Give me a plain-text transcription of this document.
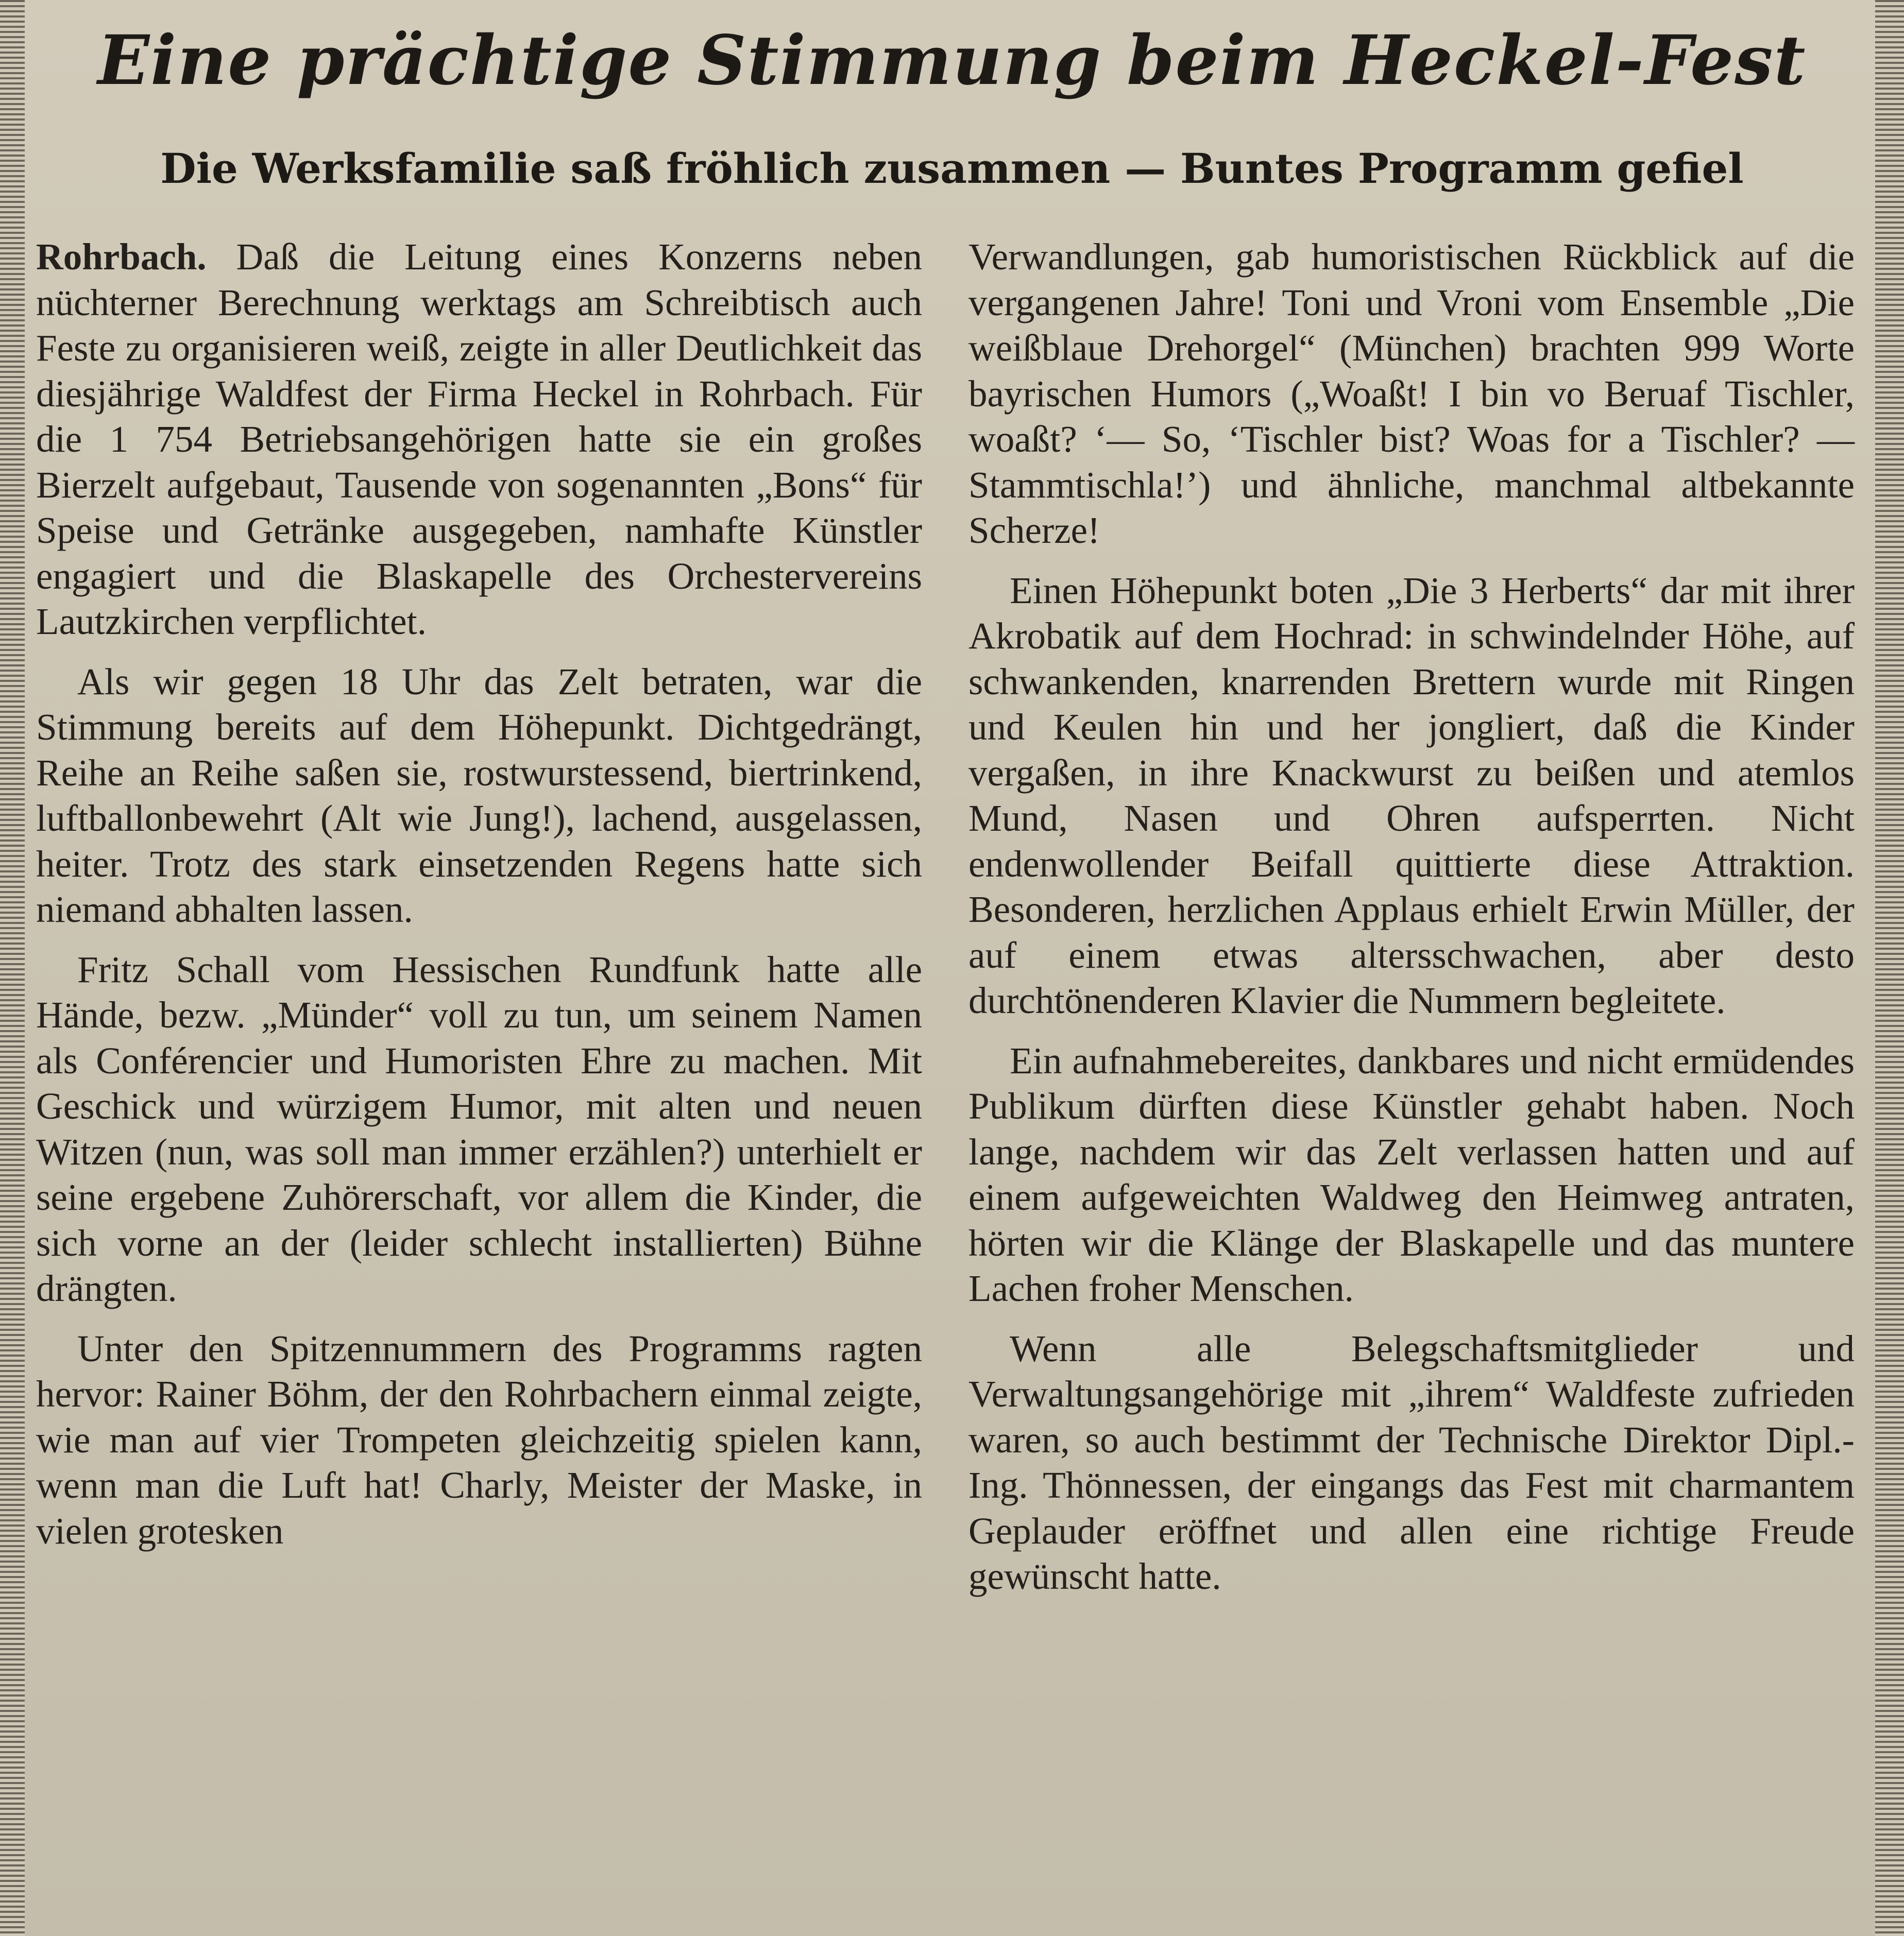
Eine prächtige Stimmung beim Heckel-Fest
Die Werksfamilie saß fröhlich zusammen — Buntes Programm gefiel

Rohrbach. Daß die Leitung eines Konzerns neben nüchterner Berechnung werktags am Schreibtisch auch Feste zu organisieren weiß, zeigte in aller Deutlichkeit das diesjährige Waldfest der Firma Heckel in Rohrbach. Für die 1 754 Betriebsangehörigen hatte sie ein großes Bierzelt aufgebaut, Tausende von sogenannten „Bons“ für Speise und Getränke ausgegeben, namhafte Künstler engagiert und die Blaskapelle des Orchestervereins Lautzkirchen verpflichtet.

Als wir gegen 18 Uhr das Zelt betraten, war die Stimmung bereits auf dem Höhepunkt. Dichtgedrängt, Reihe an Reihe saßen sie, rostwurstessend, biertrinkend, luftballonbewehrt (Alt wie Jung!), lachend, ausgelassen, heiter. Trotz des stark einsetzenden Regens hatte sich niemand abhalten lassen.

Fritz Schall vom Hessischen Rundfunk hatte alle Hände, bezw. „Münder“ voll zu tun, um seinem Namen als Conférencier und Humoristen Ehre zu machen. Mit Geschick und würzigem Humor, mit alten und neuen Witzen (nun, was soll man immer erzählen?) unterhielt er seine ergebene Zuhörerschaft, vor allem die Kinder, die sich vorne an der (leider schlecht installierten) Bühne drängten.

Unter den Spitzennummern des Programms ragten hervor: Rainer Böhm, der den Rohrbachern einmal zeigte, wie man auf vier Trompeten gleichzeitig spielen kann, wenn man die Luft hat! Charly, Meister der Maske, in vielen grotesken

Verwandlungen, gab humoristischen Rückblick auf die vergangenen Jahre! Toni und Vroni vom Ensemble „Die weißblaue Drehorgel“ (München) brachten 999 Worte bayrischen Humors („Woaßt! I bin vo Beruaf Tischler, woaßt? ‘— So, ‘Tischler bist? Woas for a Tischler? — Stammtischla!’) und ähnliche, manchmal altbekannte Scherze!

Einen Höhepunkt boten „Die 3 Herberts“ dar mit ihrer Akrobatik auf dem Hochrad: in schwindelnder Höhe, auf schwankenden, knarrenden Brettern wurde mit Ringen und Keulen hin und her jongliert, daß die Kinder vergaßen, in ihre Knackwurst zu beißen und atemlos Mund, Nasen und Ohren aufsperrten. Nicht endenwollender Beifall quittierte diese Attraktion. Besonderen, herzlichen Applaus erhielt Erwin Müller, der auf einem etwas altersschwachen, aber desto durchtönenderen Klavier die Nummern begleitete.

Ein aufnahmebereites, dankbares und nicht ermüdendes Publikum dürften diese Künstler gehabt haben. Noch lange, nachdem wir das Zelt verlassen hatten und auf einem aufgeweichten Waldweg den Heimweg antraten, hörten wir die Klänge der Blaskapelle und das muntere Lachen froher Menschen.

Wenn alle Belegschaftsmitglieder und Verwaltungsangehörige mit „ihrem“ Waldfeste zufrieden waren, so auch bestimmt der Technische Direktor Dipl.-Ing. Thönnessen, der eingangs das Fest mit charmantem Geplauder eröffnet und allen eine richtige Freude gewünscht hatte.
